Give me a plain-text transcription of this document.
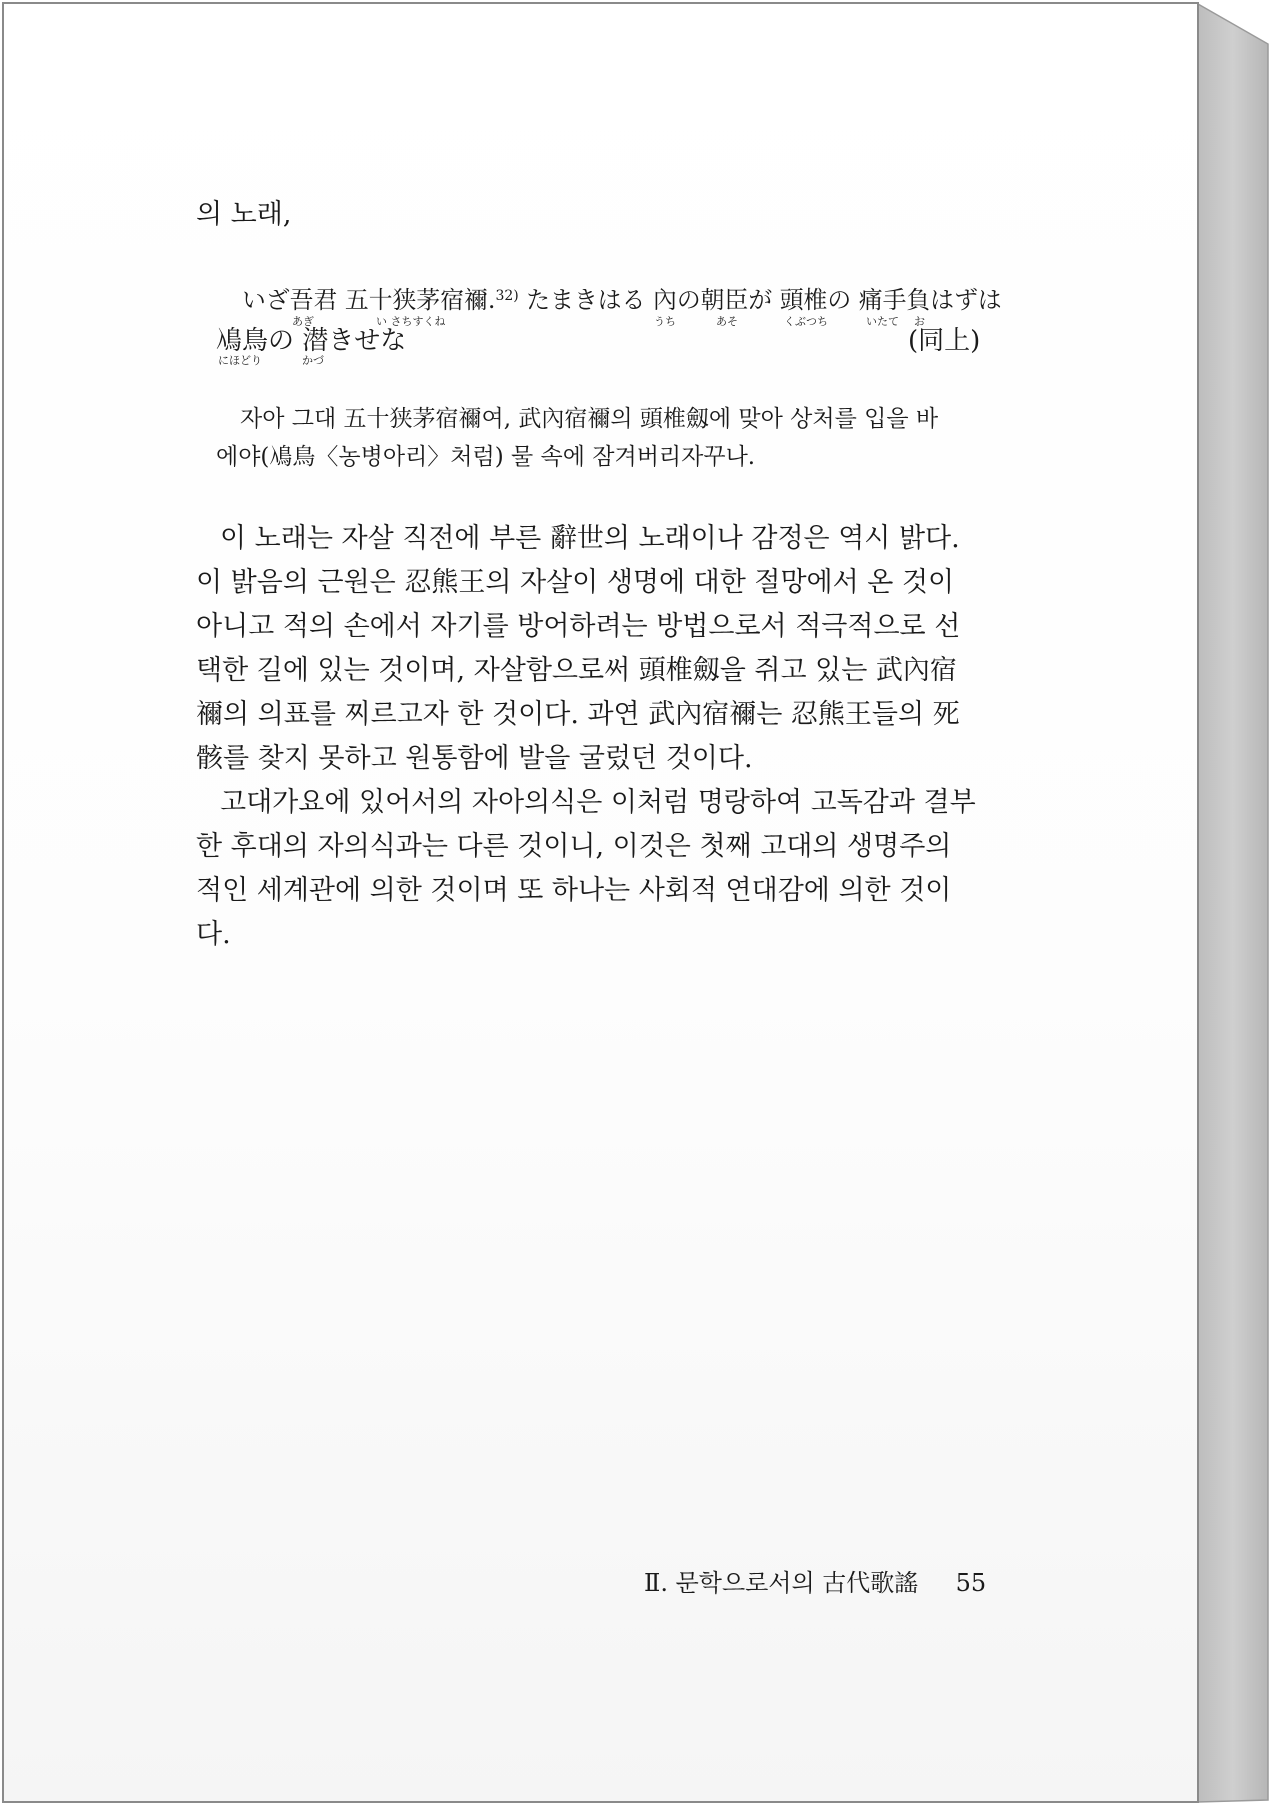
의 노래,
いざ吾君 五十狭茅宿禰.$^{32)}$ たまきはる 內の朝臣が 頭椎の 痛手負はずは
あぎ	い さちすくね	うち	あそ	くぶつち	いたて お
鳰鳥の 潜きせな	(同上)
にほどり	かづ
자아 그대 五十狭茅宿禰여, 武內宿禰의 頭椎劔에 맞아 상처를 입을 바
에야(鳰鳥〈농병아리〉처럼) 물 속에 잠겨버리자꾸나.
이 노래는 자살 직전에 부른 辭世의 노래이나 감정은 역시 밝다.
이 밝음의 근원은 忍熊王의 자살이 생명에 대한 절망에서 온 것이
아니고 적의 손에서 자기를 방어하려는 방법으로서 적극적으로 선
택한 길에 있는 것이며, 자살함으로써 頭椎劔을 쥐고 있는 武內宿
禰의 의표를 찌르고자 한 것이다. 과연 武內宿禰는 忍熊王들의 死
骸를 찾지 못하고 원통함에 발을 굴렀던 것이다.
고대가요에 있어서의 자아의식은 이처럼 명랑하여 고독감과 결부
한 후대의 자의식과는 다른 것이니, 이것은 첫째 고대의 생명주의
적인 세계관에 의한 것이며 또 하나는 사회적 연대감에 의한 것이
다.
Ⅱ. 문학으로서의 古代歌謠 55
